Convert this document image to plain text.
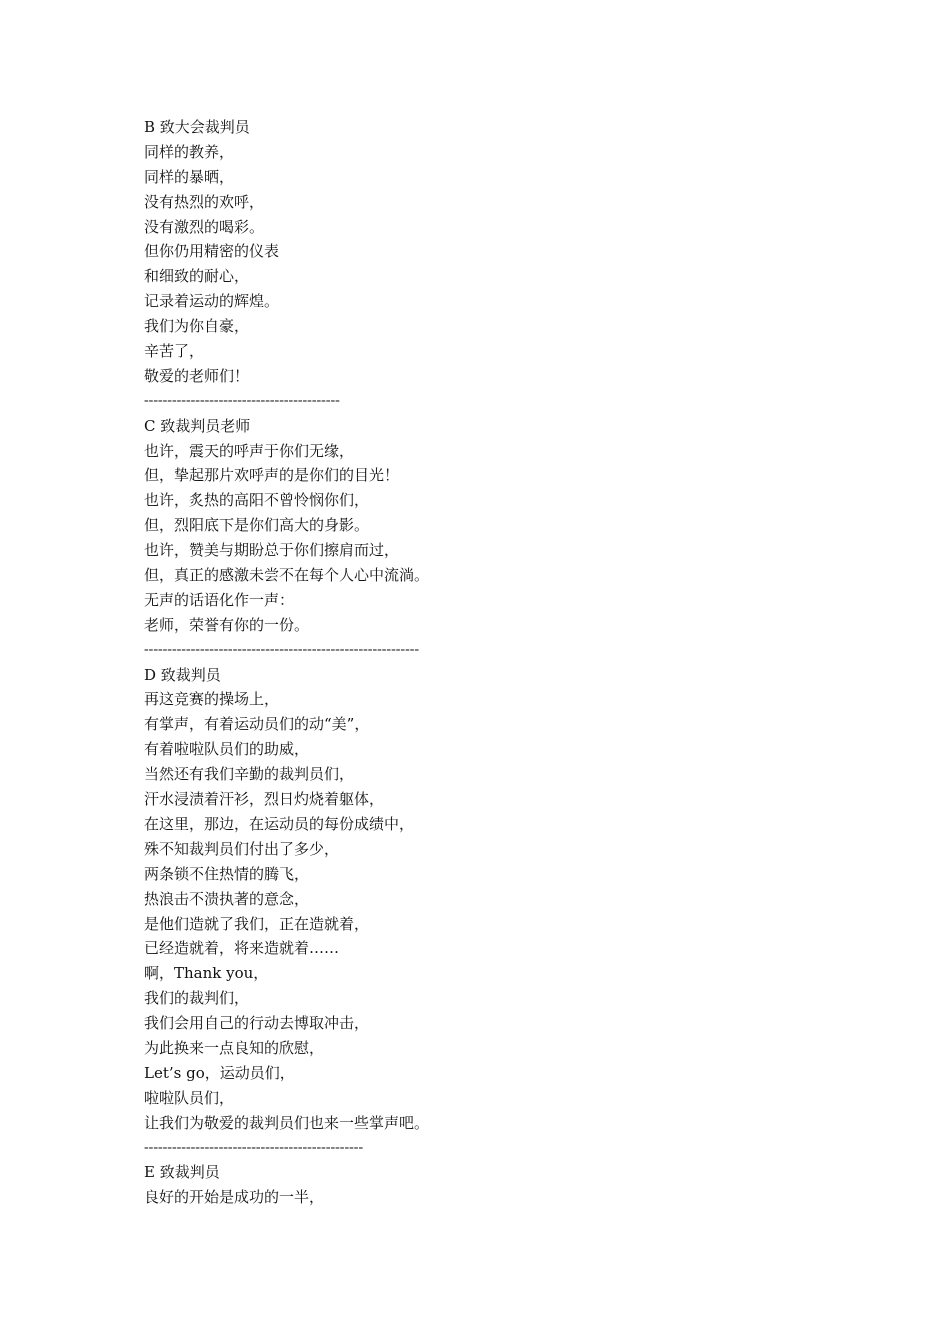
B 致大会裁判员
同样的教养，
同样的暴晒，
没有热烈的欢呼，
没有激烈的喝彩。
但你仍用精密的仪表
和细致的耐心，
记录着运动的辉煌。
我们为你自豪，
辛苦了，
敬爱的老师们！
------------------------------------------
C 致裁判员老师
也许，震天的呼声于你们无缘，
但，挚起那片欢呼声的是你们的目光！
也许，炙热的高阳不曾怜悯你们，
但，烈阳底下是你们高大的身影。
也许，赞美与期盼总于你们擦肩而过，
但，真正的感激未尝不在每个人心中流淌。
无声的话语化作一声：
老师，荣誉有你的一份。
-----------------------------------------------------------
D 致裁判员
再这竞赛的操场上，
有掌声，有着运动员们的动“美”，
有着啦啦队员们的助威，
当然还有我们辛勤的裁判员们，
汗水浸渍着汗衫，烈日灼烧着躯体，
在这里，那边，在运动员的每份成绩中，
殊不知裁判员们付出了多少，
两条锁不住热情的腾飞，
热浪击不溃执著的意念，
是他们造就了我们，正在造就着，
已经造就着，将来造就着……
啊，Thank you，
我们的裁判们，
我们会用自己的行动去博取冲击，
为此换来一点良知的欣慰，
Let’s go，运动员们，
啦啦队员们，
让我们为敬爱的裁判员们也来一些掌声吧。
-----------------------------------------------
E 致裁判员
良好的开始是成功的一半，
